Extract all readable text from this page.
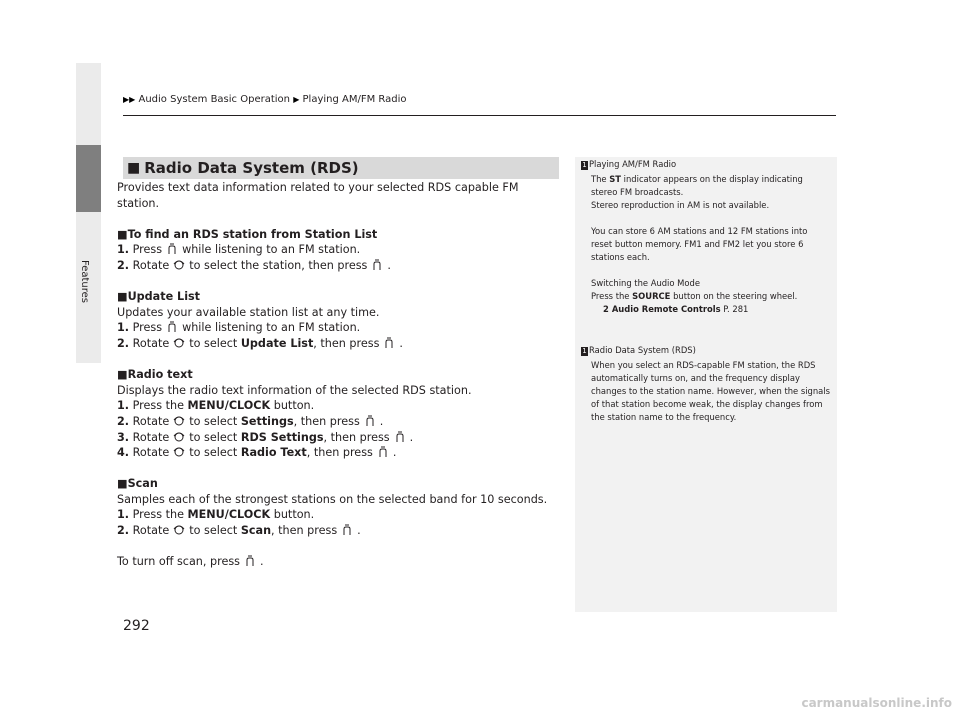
Features
▶▶ Audio System Basic Operation ▶ Playing AM/FM Radio
■ Radio Data System (RDS)

Provides text data information related to your selected RDS capable FM station.

■To find an RDS station from Station List

1. Press while listening to an FM station.

2. Rotate to select the station, then press .

■Update List

Updates your available station list at any time.

1. Press while listening to an FM station.

2. Rotate to select Update List, then press .

■Radio text

Displays the radio text information of the selected RDS station.

1. Press the MENU/CLOCK button.

2. Rotate to select Settings, then press .

3. Rotate to select RDS Settings, then press .

4. Rotate to select Radio Text, then press .

■Scan

Samples each of the strongest stations on the selected band for 10 seconds.

1. Press the MENU/CLOCK button.

2. Rotate to select Scan, then press .

To turn off scan, press .

1 Playing AM/FM Radio

The ST indicator appears on the display indicating stereo FM broadcasts.

Stereo reproduction in AM is not available.

You can store 6 AM stations and 12 FM stations into reset button memory. FM1 and FM2 let you store 6 stations each.

Switching the Audio Mode

Press the SOURCE button on the steering wheel.

2 Audio Remote Controls P. 281

1 Radio Data System (RDS)

When you select an RDS-capable FM station, the RDS automatically turns on, and the frequency display changes to the station name. However, when the signals of that station become weak, the display changes from the station name to the frequency.

292
carmanualsonline.info
